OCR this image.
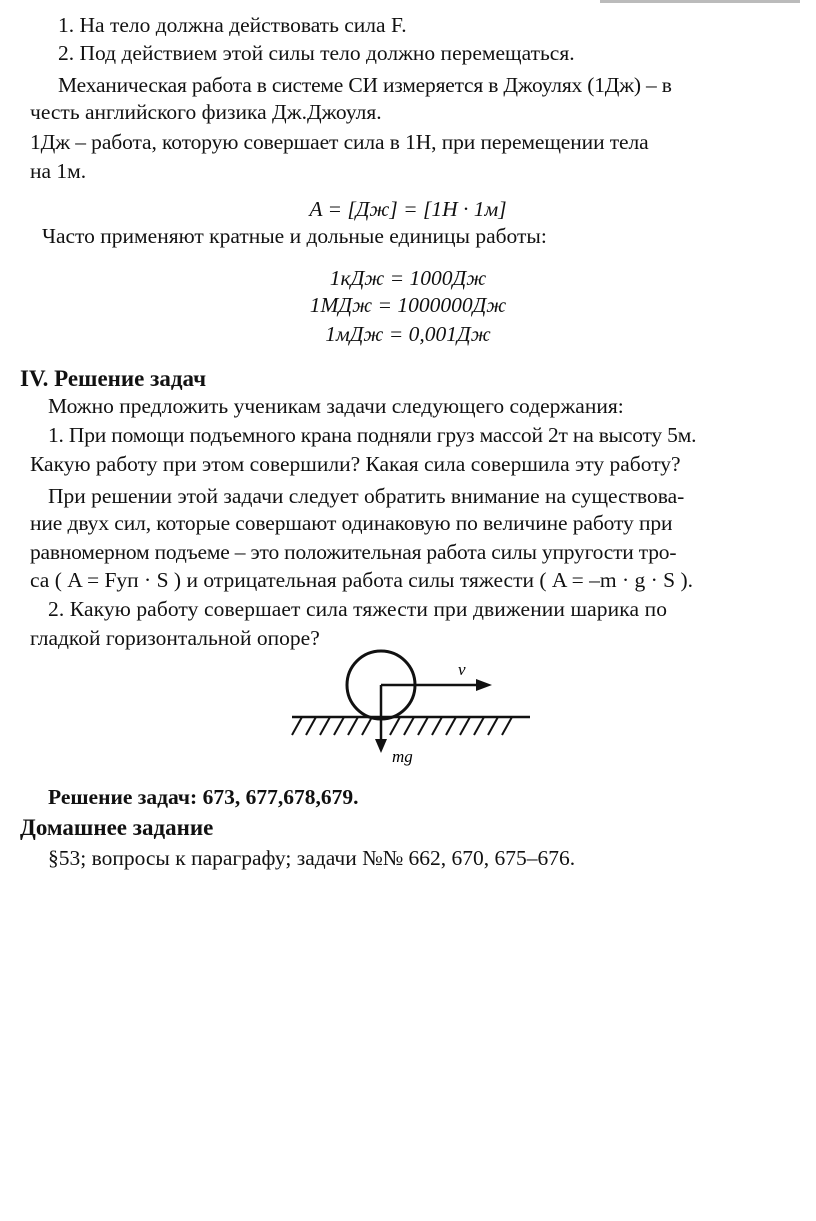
1. На тело должна действовать сила F.
2. Под действием этой силы тело должно перемещаться.
Механическая работа в системе СИ измеряется в Джоулях (1Дж) – в
честь английского физика Дж.Джоуля.
1Дж – работа, которую совершает сила в 1Н, при перемещении тела
на 1м.
A = [Дж] = [1Н · 1м]
Часто применяют кратные и дольные единицы работы:
1кДж = 1000Дж
1МДж = 1000000Дж
1мДж = 0,001Дж
IV. Решение задач
Можно предложить ученикам задачи следующего содержания:
1. При помощи подъемного крана подняли груз массой 2т на высоту 5м.
Какую работу при этом совершили? Какая сила совершила эту работу?
При решении этой задачи следует обратить внимание на существова-
ние двух сил, которые совершают одинаковую по величине работу при
равномерном подъеме – это положительная работа силы упругости тро-
са ( A = Fуп · S ) и отрицательная работа силы тяжести ( A = –m · g · S ).
2. Какую работу совершает сила тяжести при движении шарика по
гладкой горизонтальной опоре?
v
mg
Решение задач: 673, 677,678,679.
Домашнее задание
§53; вопросы к параграфу; задачи №№ 662, 670, 675–676.
